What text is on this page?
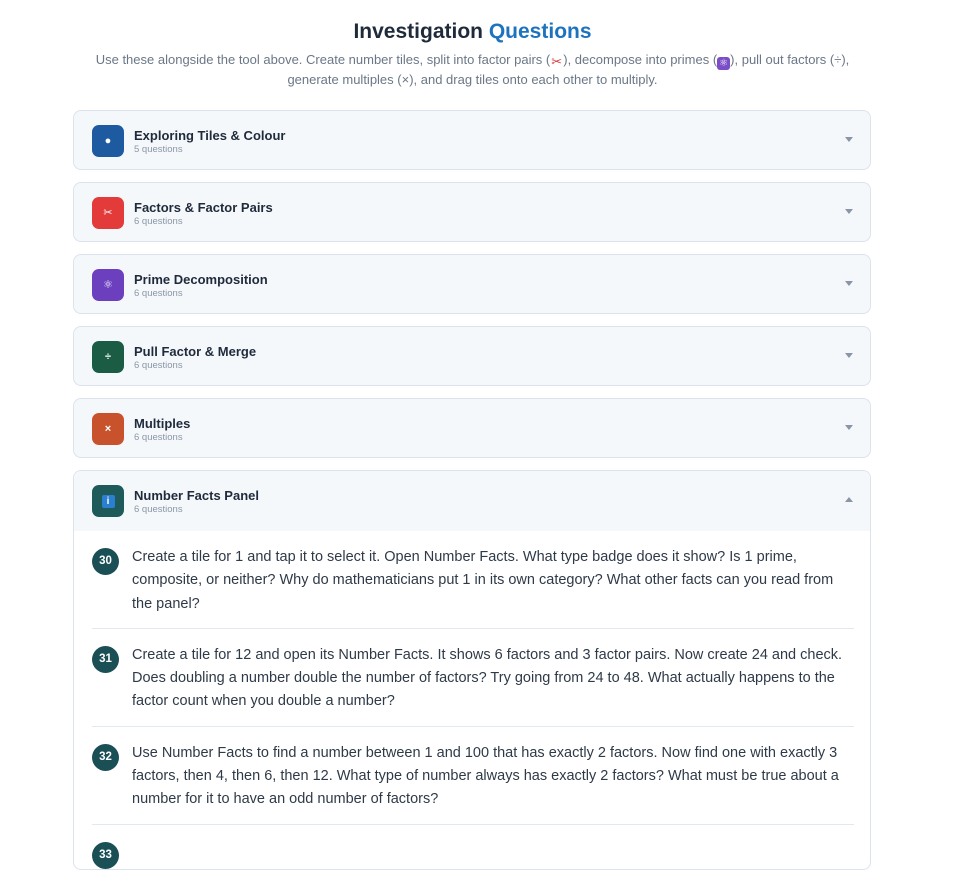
Investigation Questions
Use these alongside the tool above. Create number tiles, split into factor pairs (✂), decompose into primes ( ⚛ ), pull out factors (÷), generate multiples (×), and drag tiles onto each other to multiply.
●	Exploring Tiles & Colour
5 questions
✂	Factors & Factor Pairs
6 questions
⚛	Prime Decomposition
6 questions
÷	Pull Factor & Merge
6 questions
×	Multiples
6 questions
i	Number Facts Panel
6 questions
30	Create a tile for 1 and tap it to select it. Open Number Facts. What type badge does it show? Is 1 prime, composite, or neither? Why do mathematicians put 1 in its own category? What other facts can you read from the panel?
31	Create a tile for 12 and open its Number Facts. It shows 6 factors and 3 factor pairs. Now create 24 and check. Does doubling a number double the number of factors? Try going from 24 to 48. What actually happens to the factor count when you double a number?
32	Use Number Facts to find a number between 1 and 100 that has exactly 2 factors. Now find one with exactly 3 factors, then 4, then 6, then 12. What type of number always has exactly 2 factors? What must be true about a number for it to have an odd number of factors?
33
